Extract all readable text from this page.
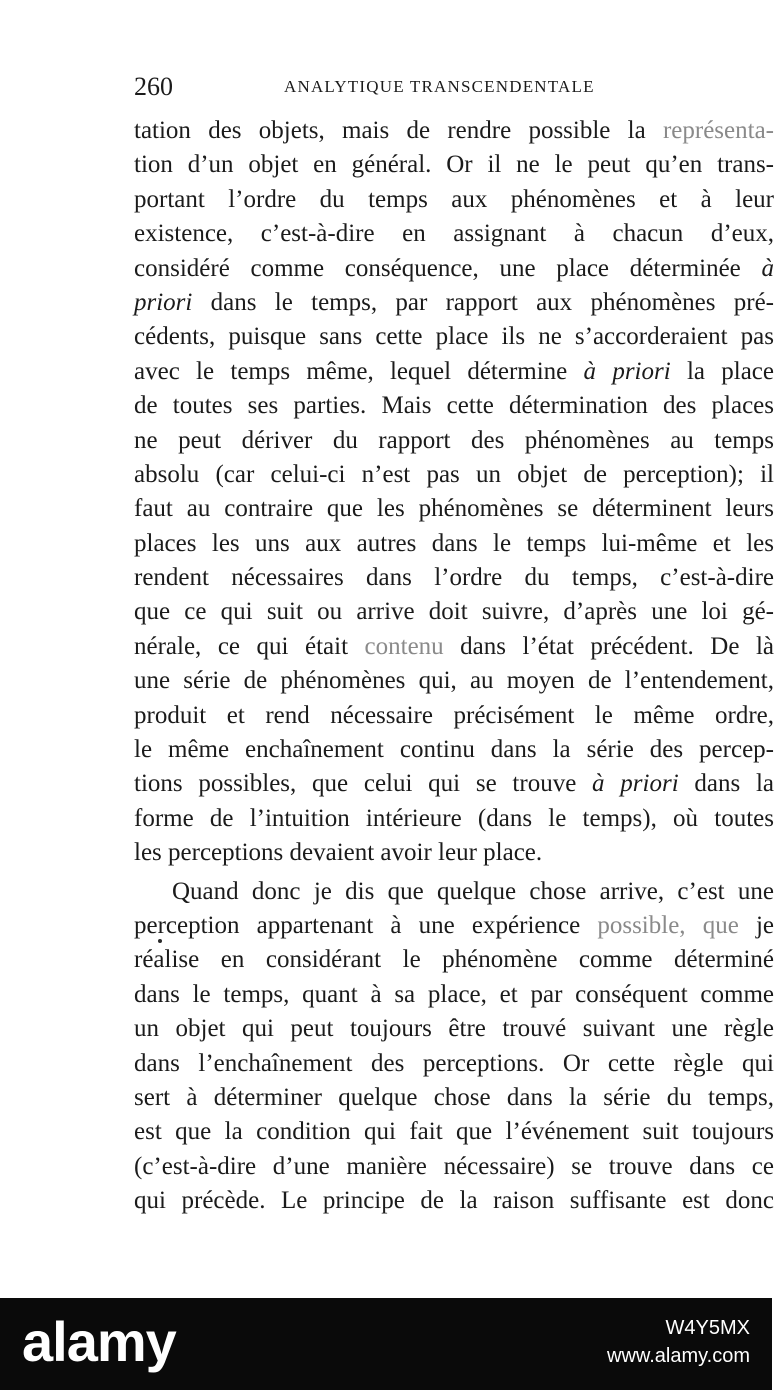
260	ANALYTIQUE TRANSCENDENTALE
tation des objets, mais de rendre possible la représenta-
tion d’un objet en général. Or il ne le peut qu’en trans-
portant l’ordre du temps aux phénomènes et à leur
existence, c’est-à-dire en assignant à chacun d’eux,
considéré comme conséquence, une place déterminée à
priori dans le temps, par rapport aux phénomènes pré-
cédents, puisque sans cette place ils ne s’accorderaient pas
avec le temps même, lequel détermine à priori la place
de toutes ses parties. Mais cette détermination des places
ne peut dériver du rapport des phénomènes au temps
absolu (car celui-ci n’est pas un objet de perception); il
faut au contraire que les phénomènes se déterminent leurs
places les uns aux autres dans le temps lui-même et les
rendent nécessaires dans l’ordre du temps, c’est-à-dire
que ce qui suit ou arrive doit suivre, d’après une loi gé-
nérale, ce qui était contenu dans l’état précédent. De là
une série de phénomènes qui, au moyen de l’entendement,
produit et rend nécessaire précisément le même ordre,
le même enchaînement continu dans la série des percep-
tions possibles, que celui qui se trouve à priori dans la
forme de l’intuition intérieure (dans le temps), où toutes
les perceptions devaient avoir leur place.
Quand donc je dis que quelque chose arrive, c’est une
perception appartenant à une expérience possible, que je
réalise en considérant le phénomène comme déterminé
dans le temps, quant à sa place, et par conséquent comme
un objet qui peut toujours être trouvé suivant une règle
dans l’enchaînement des perceptions. Or cette règle qui
sert à déterminer quelque chose dans la série du temps,
est que la condition qui fait que l’événement suit toujours
(c’est-à-dire d’une manière nécessaire) se trouve dans ce
qui précède. Le principe de la raison suffisante est donc
alamy	W4Y5MX
www.alamy.com
